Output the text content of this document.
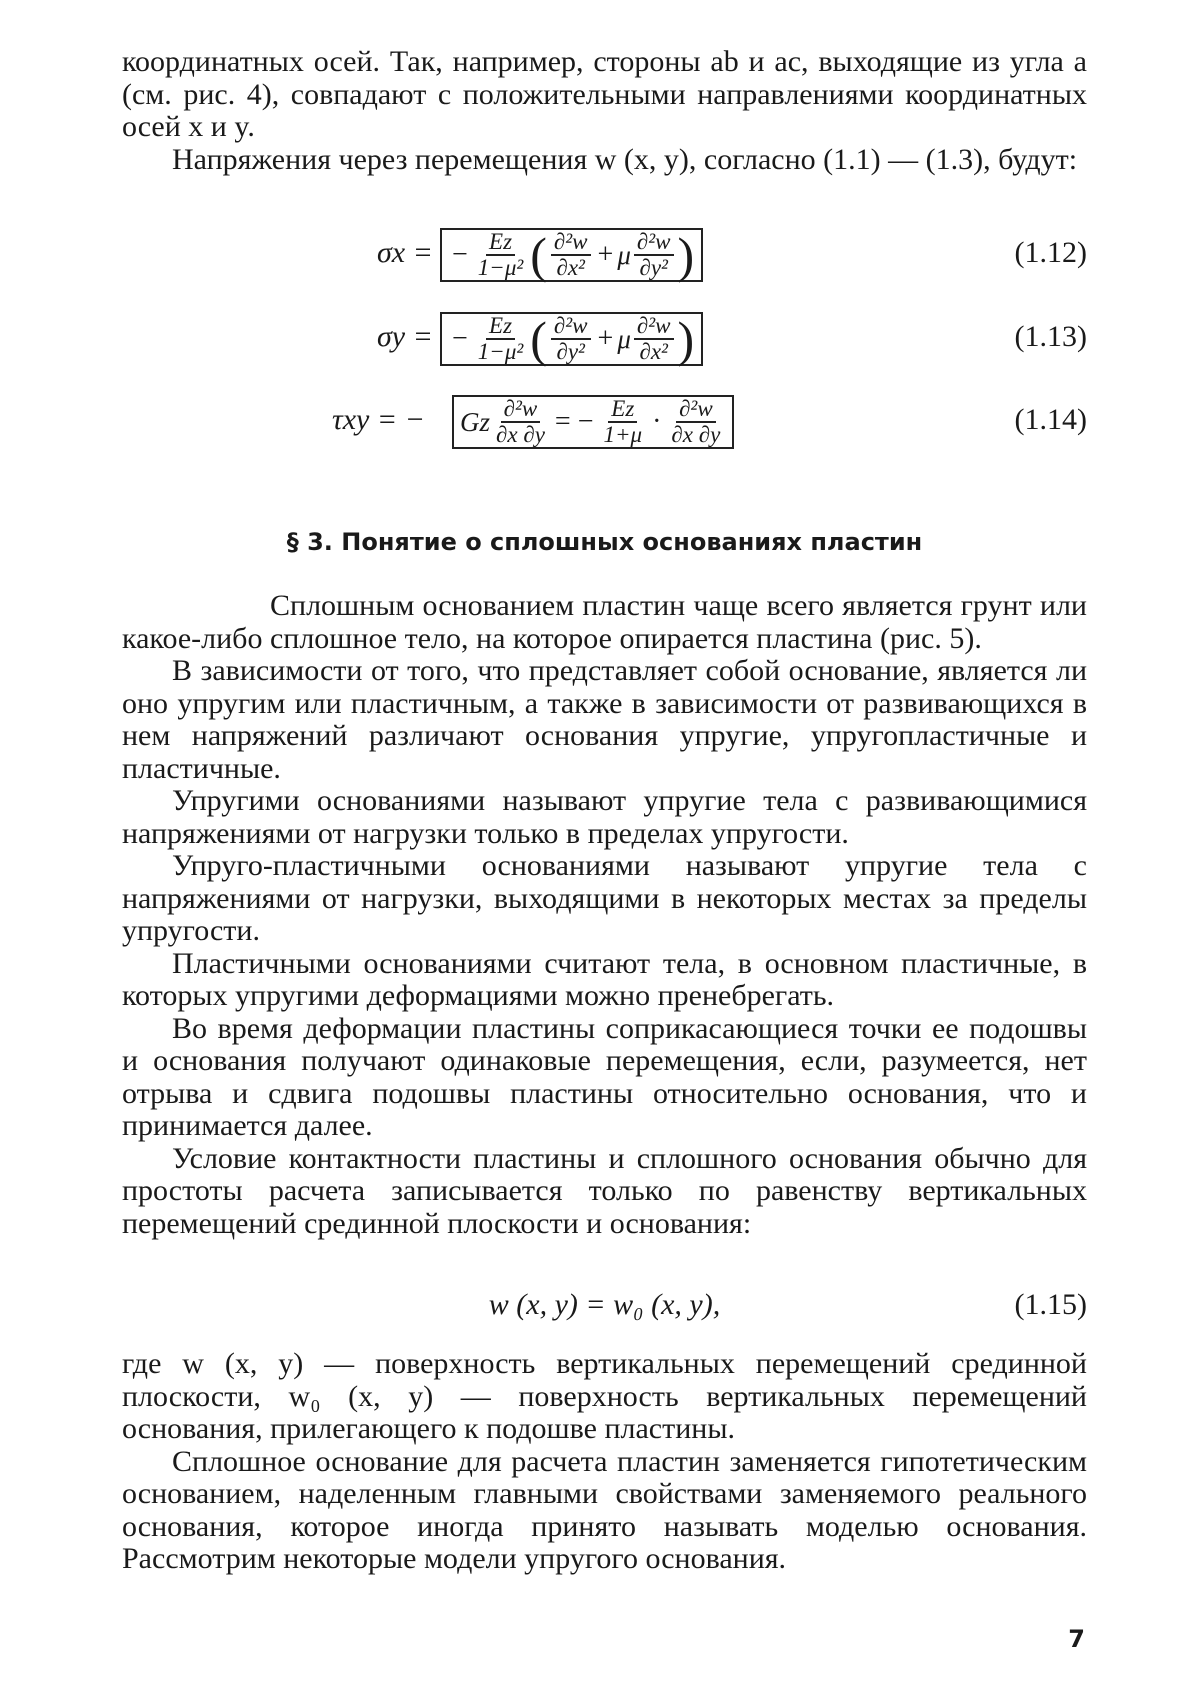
координатных осей. Так, например, стороны ab и ac, выходящие из угла a (см. рис. 4), совпадают с положительными направлениями координатных осей x и y.

Напряжения через перемещения w (x, y), согласно (1.1) — (1.3), будут:

σx = − $\frac{Ez}{\text{1−μ²}}$ ( $\frac{\text{∂²w}}{\text{∂x²}} + \mu \frac{\text{∂²w}}{\text{∂y²}}$ )	(1.12)
σy = − $\frac{Ez}{\text{1−μ²}}$ ( $\frac{\text{∂²w}}{\text{∂y²}} + \mu \frac{\text{∂²w}}{\text{∂x²}}$ )	(1.13)
τxy = − Gz $\frac{\text{∂²w}}{\partial x \partial y}$ = − $\frac{Ez}{1+\mu} \cdot \frac{\text{∂²w}}{\partial x \partial y}$	(1.14)
§ 3. Понятие о сплошных основаниях пластин

Сплошным основанием пластин чаще всего является грунт или какое-либо сплошное тело, на которое опирается пластина (рис. 5).

В зависимости от того, что представляет собой основание, является ли оно упругим или пластичным, а также в зависимости от развивающихся в нем напряжений различают основания упругие, упругопластичные и пластичные.

Упругими основаниями называют упругие тела с развивающимися напряжениями от нагрузки только в пределах упругости.

Упруго-пластичными основаниями называют упругие тела с напряжениями от нагрузки, выходящими в некоторых местах за пределы упругости.

Пластичными основаниями считают тела, в основном пластичные, в которых упругими деформациями можно пренебрегать.

Во время деформации пластины соприкасающиеся точки ее подошвы и основания получают одинаковые перемещения, если, разумеется, нет отрыва и сдвига подошвы пластины относительно основания, что и принимается далее.

Условие контактности пластины и сплошного основания обычно для простоты расчета записывается только по равенству вертикальных перемещений срединной плоскости и основания:

w (x, y) = w₀ (x, y),	(1.15)

где w (x, y) — поверхность вертикальных перемещений срединной плоскости, w₀ (x, y) — поверхность вертикальных перемещений основания, прилегающего к подошве пластины.

Сплошное основание для расчета пластин заменяется гипотетическим основанием, наделенным главными свойствами заменяемого реального основания, которое иногда принято называть моделью основания. Рассмотрим некоторые модели упругого основания.

7
